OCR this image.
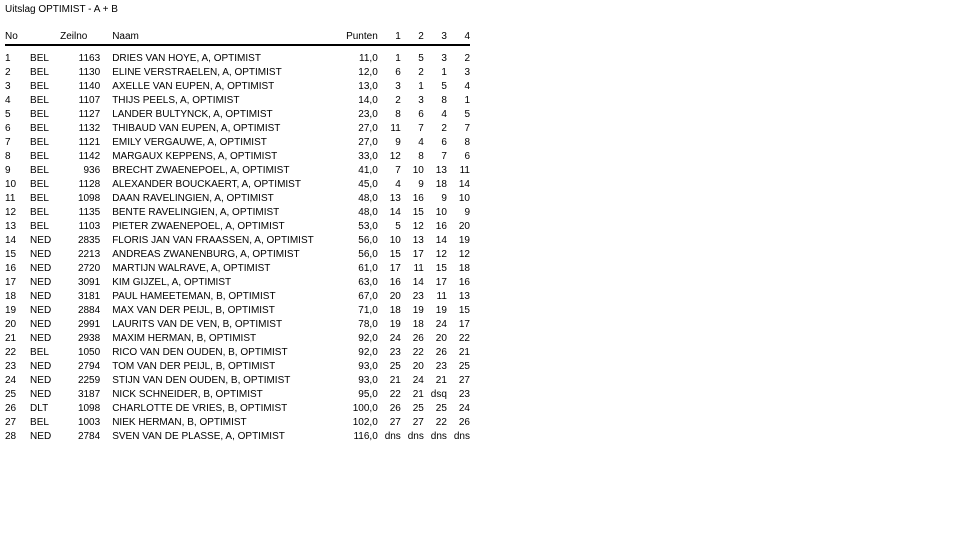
Uitslag OPTIMIST - A + B
No		Zeilno		Naam	Punten	1	2	3	4

1	BEL	1163		DRIES VAN HOYE, A, OPTIMIST	11,0	1	5	3	2
2	BEL	1130		ELINE VERSTRAELEN, A, OPTIMIST	12,0	6	2	1	3
3	BEL	1140		AXELLE VAN EUPEN, A, OPTIMIST	13,0	3	1	5	4
4	BEL	1107		THIJS PEELS, A, OPTIMIST	14,0	2	3	8	1
5	BEL	1127		LANDER BULTYNCK, A, OPTIMIST	23,0	8	6	4	5
6	BEL	1132		THIBAUD VAN EUPEN, A, OPTIMIST	27,0	11	7	2	7
7	BEL	1121		EMILY VERGAUWE, A, OPTIMIST	27,0	9	4	6	8
8	BEL	1142		MARGAUX KEPPENS, A, OPTIMIST	33,0	12	8	7	6
9	BEL	936		BRECHT ZWAENEPOEL, A, OPTIMIST	41,0	7	10	13	11
10	BEL	1128		ALEXANDER BOUCKAERT, A, OPTIMIST	45,0	4	9	18	14
11	BEL	1098		DAAN RAVELINGIEN, A, OPTIMIST	48,0	13	16	9	10
12	BEL	1135		BENTE RAVELINGIEN, A, OPTIMIST	48,0	14	15	10	9
13	BEL	1103		PIETER ZWAENEPOEL, A, OPTIMIST	53,0	5	12	16	20
14	NED	2835		FLORIS JAN VAN FRAASSEN, A, OPTIMIST	56,0	10	13	14	19
15	NED	2213		ANDREAS ZWANENBURG, A, OPTIMIST	56,0	15	17	12	12
16	NED	2720		MARTIJN WALRAVE, A, OPTIMIST	61,0	17	11	15	18
17	NED	3091		KIM GIJZEL, A, OPTIMIST	63,0	16	14	17	16
18	NED	3181		PAUL HAMEETEMAN, B, OPTIMIST	67,0	20	23	11	13
19	NED	2884		MAX VAN DER PEIJL, B, OPTIMIST	71,0	18	19	19	15
20	NED	2991		LAURITS VAN DE VEN, B, OPTIMIST	78,0	19	18	24	17
21	NED	2938		MAXIM HERMAN, B, OPTIMIST	92,0	24	26	20	22
22	BEL	1050		RICO VAN DEN OUDEN, B, OPTIMIST	92,0	23	22	26	21
23	NED	2794		TOM VAN DER PEIJL, B, OPTIMIST	93,0	25	20	23	25
24	NED	2259		STIJN VAN DEN OUDEN, B, OPTIMIST	93,0	21	24	21	27
25	NED	3187		NICK SCHNEIDER, B, OPTIMIST	95,0	22	21	dsq	23
26	DLT	1098		CHARLOTTE DE VRIES, B, OPTIMIST	100,0	26	25	25	24
27	BEL	1003		NIEK HERMAN, B, OPTIMIST	102,0	27	27	22	26
28	NED	2784		SVEN VAN DE PLASSE, A, OPTIMIST	116,0	dns	dns	dns	dns
